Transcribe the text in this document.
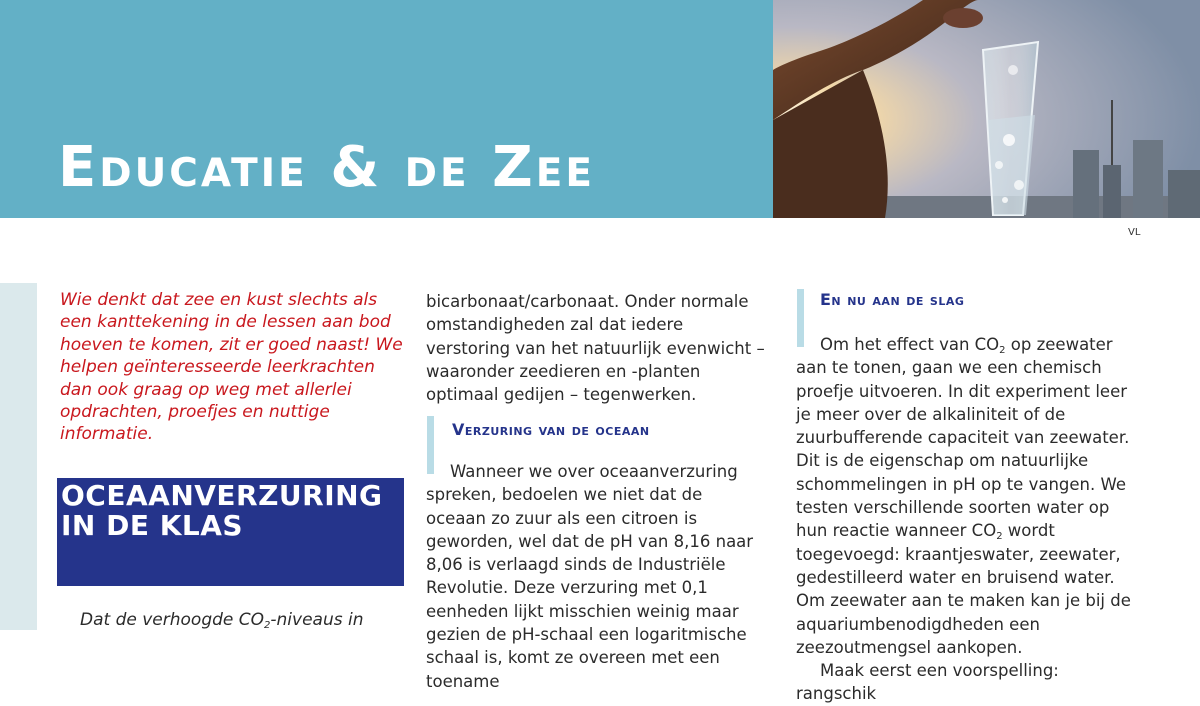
Educatie & de Zee
VL
Wie denkt dat zee en kust slechts als een kanttekening in de lessen aan bod hoeven te komen, zit er goed naast! We helpen geïnteresseerde leerkrachten dan ook graag op weg met allerlei opdrachten, proefjes en nuttige informatie.
OCEAANVERZURING IN DE KLAS
Dat de verhoogde $CO_2$-niveaus in

bicarbonaat/carbonaat. Onder normale omstandigheden zal dat iedere verstoring van het natuurlijk evenwicht – waaronder zeedieren en -planten optimaal gedijen – tegenwerken.

Verzuring van de oceaan

Wanneer we over oceaanverzuring spreken, bedoelen we niet dat de oceaan zo zuur als een citroen is geworden, wel dat de pH van 8,16 naar 8,06 is verlaagd sinds de Industriële Revolutie. Deze verzuring met 0,1 eenheden lijkt misschien weinig maar gezien de pH-schaal een logaritmische schaal is, komt ze overeen met een toename

En nu aan de slag

Om het effect van $CO_2$ op zeewater aan te tonen, gaan we een chemisch proefje uitvoeren. In dit experiment leer je meer over de alkaliniteit of de zuurbufferende capaciteit van zeewater. Dit is de eigenschap om natuurlijke schommelingen in pH op te vangen. We testen verschillende soorten water op hun reactie wanneer $CO_2$ wordt toegevoegd: kraantjeswater, zeewater, gedestilleerd water en bruisend water. Om zeewater aan te maken kan je bij de aquariumbenodigdheden een zeezoutmengsel aankopen.

Maak eerst een voorspelling: rangschik
